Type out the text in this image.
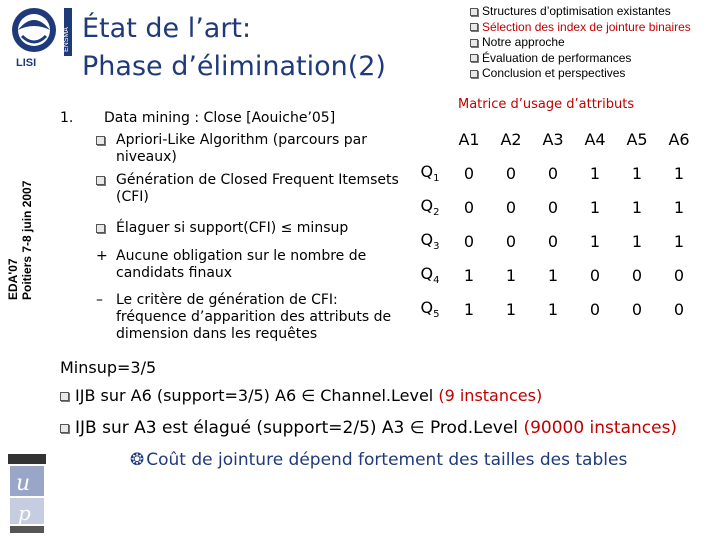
ENSMA
LISI
État de l’art:
Phase d’élimination(2)
Structures d’optimisation existantes
Sélection des index de jointure binaires
Notre approche
Évaluation de performances
Conclusion et perspectives
EDA'07 Poitiers 7-8 juin 2007
1.	Data mining : Close [Aouiche’05]
Apriori-Like Algorithm (parcours par niveaux)
Génération de Closed Frequent Itemsets (CFI)
Élaguer si support(CFI) ≤ minsup
+ Aucune obligation sur le nombre de candidats finaux
– Le critère de génération de CFI: fréquence d’apparition des attributs de dimension dans les requêtes
Matrice d’usage d’attributs
	A1	A2	A3	A4	A5	A6
$Q_1$	0	0	0	1	1	1
$Q_2$	0	0	0	1	1	1
$Q_3$	0	0	0	1	1	1
$Q_4$	1	1	1	0	0	0
$Q_5$	1	1	1	0	0	0
Minsup=3/5
IJB sur A6 (support=3/5) A6 ∈ Channel.Level (9 instances)
IJB sur A3 est élagué (support=2/5) A3 ∈ Prod.Level (90000 instances)
❂ Coût de jointure dépend fortement des tailles des tables
u
p
